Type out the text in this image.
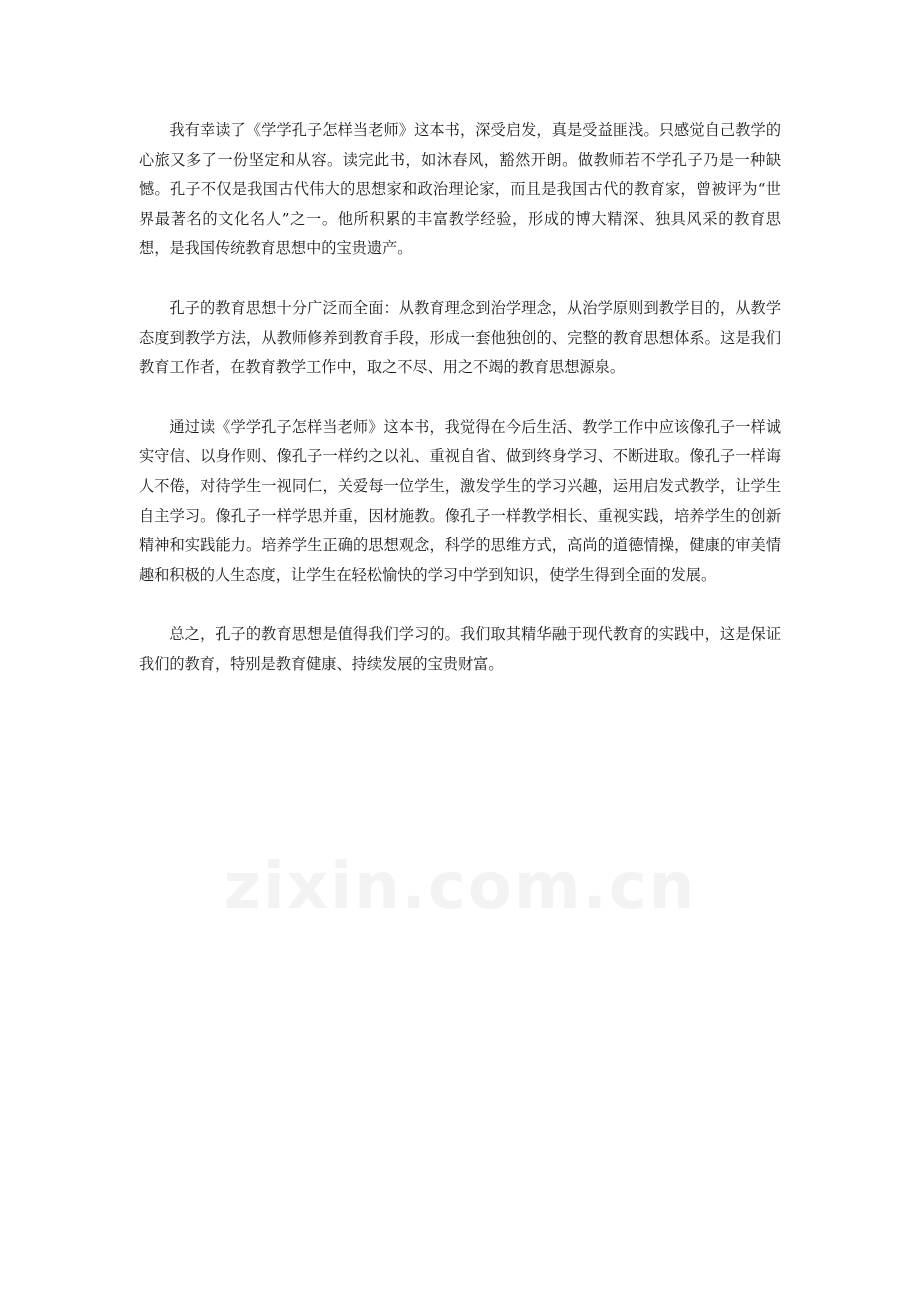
zixin.com.cn

我有幸读了《学学孔子怎样当老师》这本书，深受启发，真是受益匪浅。只感觉自己教学的心旅又多了一份坚定和从容。读完此书，如沐春风，豁然开朗。做教师若不学孔子乃是一种缺憾。孔子不仅是我国古代伟大的思想家和政治理论家，而且是我国古代的教育家，曾被评为“世界最著名的文化名人”之一。他所积累的丰富教学经验，形成的博大精深、独具风采的教育思想，是我国传统教育思想中的宝贵遗产。

孔子的教育思想十分广泛而全面：从教育理念到治学理念，从治学原则到教学目的，从教学态度到教学方法，从教师修养到教育手段，形成一套他独创的、完整的教育思想体系。这是我们教育工作者，在教育教学工作中，取之不尽、用之不竭的教育思想源泉。

通过读《学学孔子怎样当老师》这本书，我觉得在今后生活、教学工作中应该像孔子一样诚实守信、以身作则、像孔子一样约之以礼、重视自省、做到终身学习、不断进取。像孔子一样诲人不倦，对待学生一视同仁，关爱每一位学生，激发学生的学习兴趣，运用启发式教学，让学生自主学习。像孔子一样学思并重，因材施教。像孔子一样教学相长、重视实践，培养学生的创新精神和实践能力。培养学生正确的思想观念，科学的思维方式，高尚的道德情操，健康的审美情趣和积极的人生态度，让学生在轻松愉快的学习中学到知识，使学生得到全面的发展。

总之，孔子的教育思想是值得我们学习的。我们取其精华融于现代教育的实践中，这是保证我们的教育，特别是教育健康、持续发展的宝贵财富。
